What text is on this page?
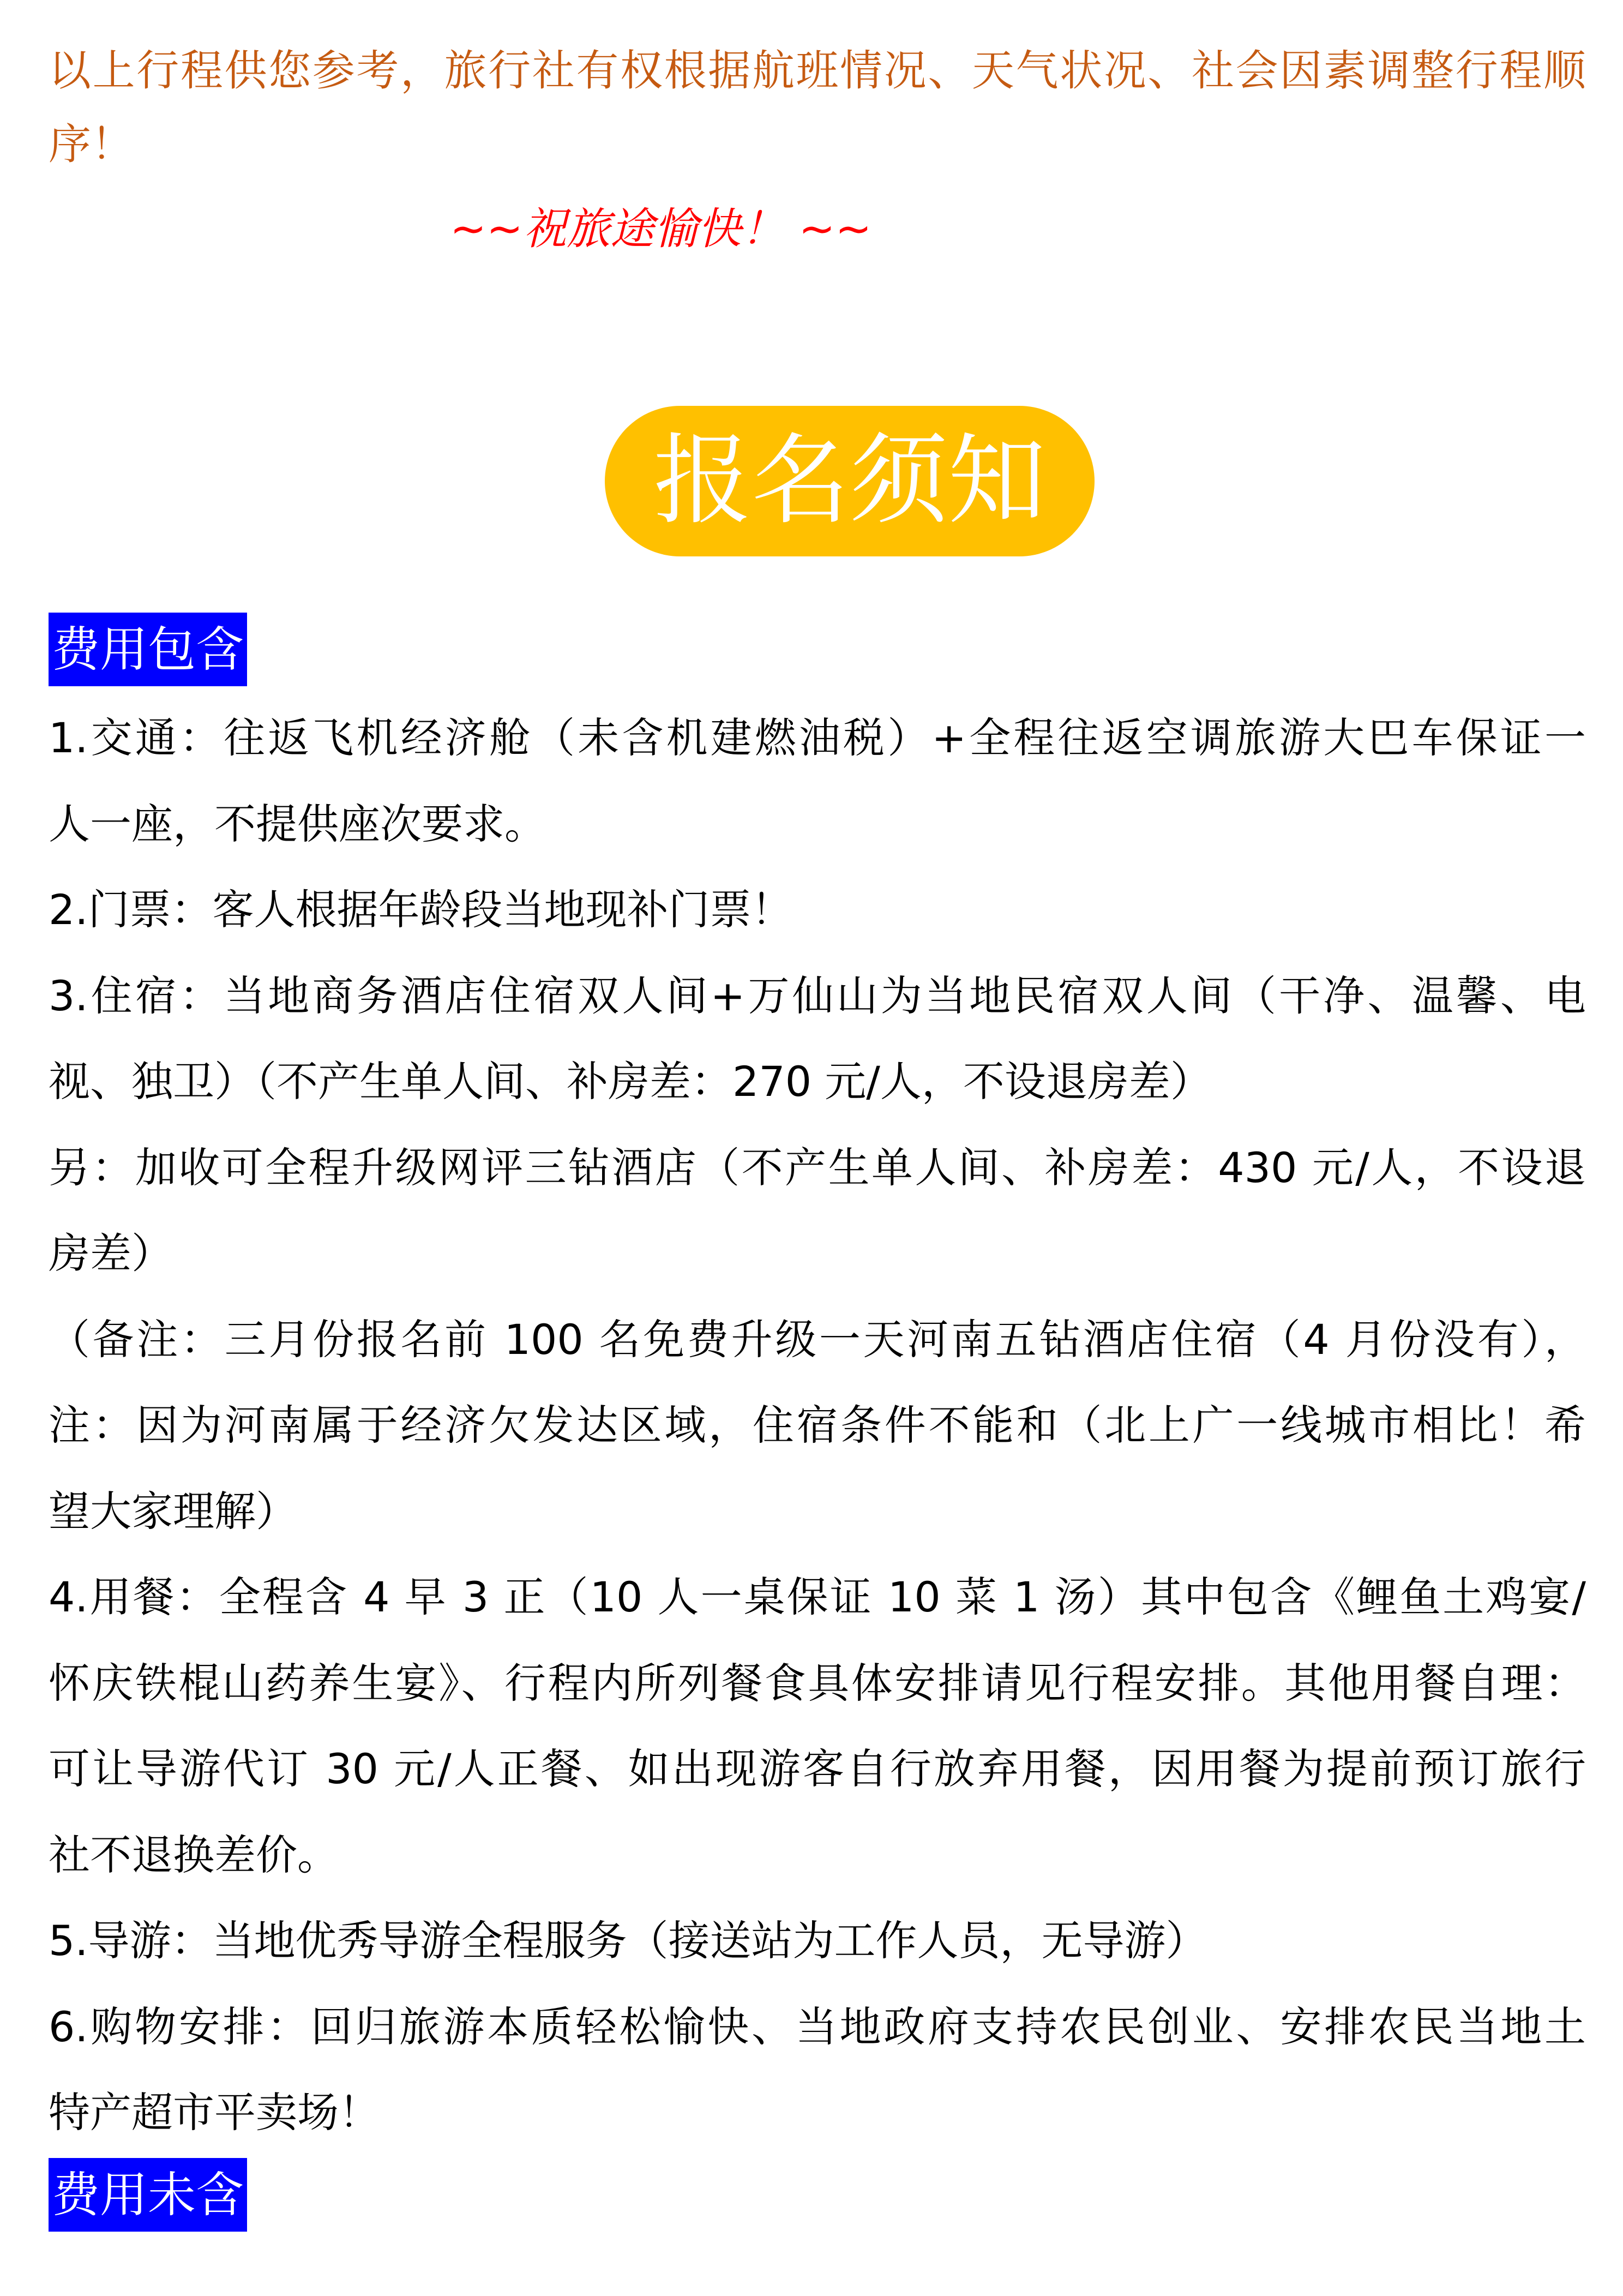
以上行程供您参考，旅行社有权根据航班情况、天气状况、社会因素调整行程顺
序！
~~祝旅途愉快！ ~~
报名须知
费用包含
1.交通：往返飞机经济舱（未含机建燃油税）+全程往返空调旅游大巴车保证一
人一座，不提供座次要求。
2.门票：客人根据年龄段当地现补门票！
3.住宿：当地商务酒店住宿双人间+万仙山为当地民宿双人间（干净、温馨、电
视、独卫）（不产生单人间、补房差：270 元/人，不设退房差）
另：加收可全程升级网评三钻酒店（不产生单人间、补房差：430 元/人，不设退
房差）
（备注：三月份报名前 100 名免费升级一天河南五钻酒店住宿（4 月份没有），
注：因为河南属于经济欠发达区域，住宿条件不能和（北上广一线城市相比！希
望大家理解）
4.用餐：全程含 4 早 3 正（10 人一桌保证 10 菜 1 汤）其中包含《鲤鱼土鸡宴/
怀庆铁棍山药养生宴》、行程内所列餐食具体安排请见行程安排。其他用餐自理：
可让导游代订 30 元/人正餐、如出现游客自行放弃用餐，因用餐为提前预订旅行
社不退换差价。
5.导游：当地优秀导游全程服务（接送站为工作人员，无导游）
6.购物安排：回归旅游本质轻松愉快、当地政府支持农民创业、安排农民当地土
特产超市平卖场！
费用未含
